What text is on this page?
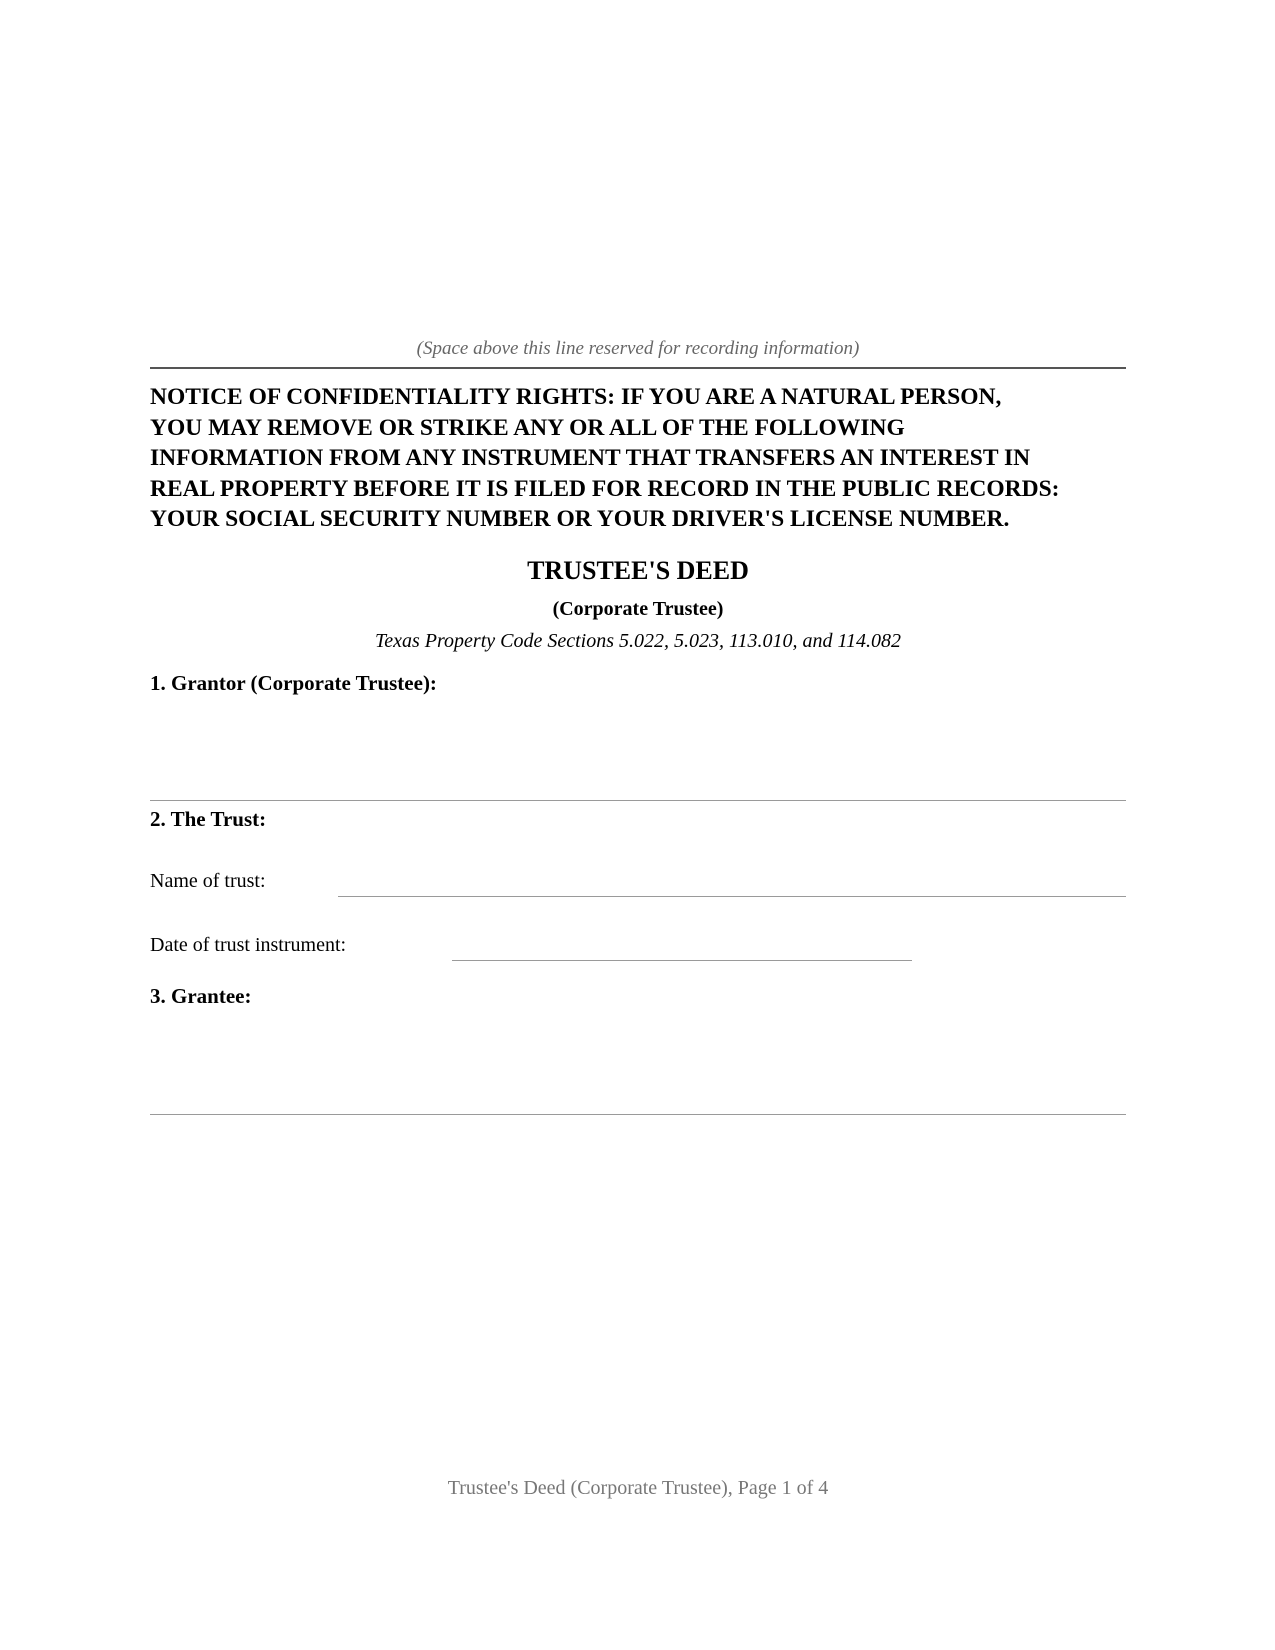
(Space above this line reserved for recording information)
NOTICE OF CONFIDENTIALITY RIGHTS: IF YOU ARE A NATURAL PERSON,
YOU MAY REMOVE OR STRIKE ANY OR ALL OF THE FOLLOWING
INFORMATION FROM ANY INSTRUMENT THAT TRANSFERS AN INTEREST IN
REAL PROPERTY BEFORE IT IS FILED FOR RECORD IN THE PUBLIC RECORDS:
YOUR SOCIAL SECURITY NUMBER OR YOUR DRIVER'S LICENSE NUMBER.
TRUSTEE'S DEED
(Corporate Trustee)
Texas Property Code Sections 5.022, 5.023, 113.010, and 114.082
1. Grantor (Corporate Trustee):
2. The Trust:
Name of trust:
Date of trust instrument:
3. Grantee:
Trustee's Deed (Corporate Trustee), Page 1 of 4
